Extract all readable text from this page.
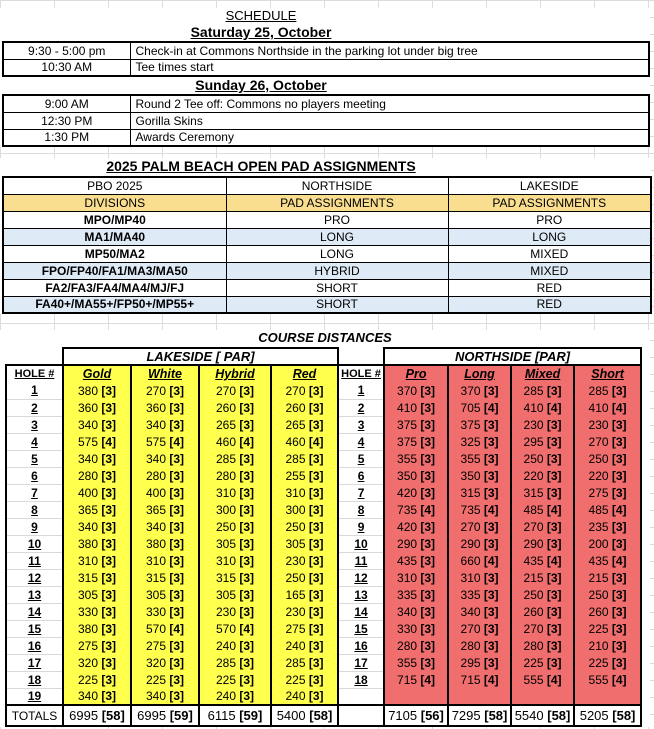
SCHEDULE
Saturday 25, October
9:30 - 5:00 pm	Check-in at Commons Northside in the parking lot under big tree
10:30 AM	Tee times start
Sunday 26, October
9:00 AM	Round 2 Tee off: Commons no players meeting
12:30 PM	Gorilla Skins
1:30 PM	Awards Ceremony
2025 PALM BEACH OPEN PAD ASSIGNMENTS
PBO 2025	NORTHSIDE	LAKESIDE
DIVISIONS	PAD ASSIGNMENTS	PAD ASSIGNMENTS
MPO/MP40	PRO	PRO
MA1/MA40	LONG	LONG
MP50/MA2	LONG	MIXED
FPO/FP40/FA1/MA3/MA50	HYBRID	MIXED
FA2/FA3/FA4/MA4/MJ/FJ	SHORT	RED
FA40+/MA55+/FP50+/MP55+	SHORT	RED
COURSE DISTANCES
	LAKESIDE [ PAR]					NORTHSIDE [PAR]			
HOLE #	Gold	White	Hybrid	Red	HOLE #	Pro	Long	Mixed	Short
1	380 [3]	270 [3]	270 [3]	270 [3]	1	370 [3]	370 [3]	285 [3]	285 [3]
2	360 [3]	360 [3]	260 [3]	260 [3]	2	410 [3]	705 [4]	410 [4]	410 [4]
3	340 [3]	340 [3]	265 [3]	265 [3]	3	375 [3]	375 [3]	230 [3]	230 [3]
4	575 [4]	575 [4]	460 [4]	460 [4]	4	375 [3]	325 [3]	295 [3]	270 [3]
5	340 [3]	340 [3]	285 [3]	285 [3]	5	355 [3]	355 [3]	250 [3]	250 [3]
6	280 [3]	280 [3]	280 [3]	255 [3]	6	350 [3]	350 [3]	220 [3]	220 [3]
7	400 [3]	400 [3]	310 [3]	310 [3]	7	420 [3]	315 [3]	315 [3]	275 [3]
8	365 [3]	365 [3]	300 [3]	300 [3]	8	735 [4]	735 [4]	485 [4]	485 [4]
9	340 [3]	340 [3]	250 [3]	250 [3]	9	420 [3]	270 [3]	270 [3]	235 [3]
10	380 [3]	380 [3]	305 [3]	305 [3]	10	290 [3]	290 [3]	290 [3]	200 [3]
11	310 [3]	310 [3]	310 [3]	230 [3]	11	435 [3]	660 [4]	435 [4]	435 [4]
12	315 [3]	315 [3]	315 [3]	250 [3]	12	310 [3]	310 [3]	215 [3]	215 [3]
13	305 [3]	305 [3]	305 [3]	165 [3]	13	335 [3]	335 [3]	250 [3]	250 [3]
14	330 [3]	330 [3]	230 [3]	230 [3]	14	340 [3]	340 [3]	260 [3]	260 [3]
15	380 [3]	570 [4]	570 [4]	275 [3]	15	330 [3]	270 [3]	270 [3]	225 [3]
16	275 [3]	275 [3]	240 [3]	240 [3]	16	280 [3]	280 [3]	280 [3]	210 [3]
17	320 [3]	320 [3]	285 [3]	285 [3]	17	355 [3]	295 [3]	225 [3]	225 [3]
18	225 [3]	225 [3]	225 [3]	225 [3]	18	715 [4]	715 [4]	555 [4]	555 [4]
19	340 [3]	340 [3]	240 [3]	240 [3]					
TOTALS	6995 [58]	6995 [59]	6115 [59]	5400 [58]		7105 [56]	7295 [58]	5540 [58]	5205 [58]
